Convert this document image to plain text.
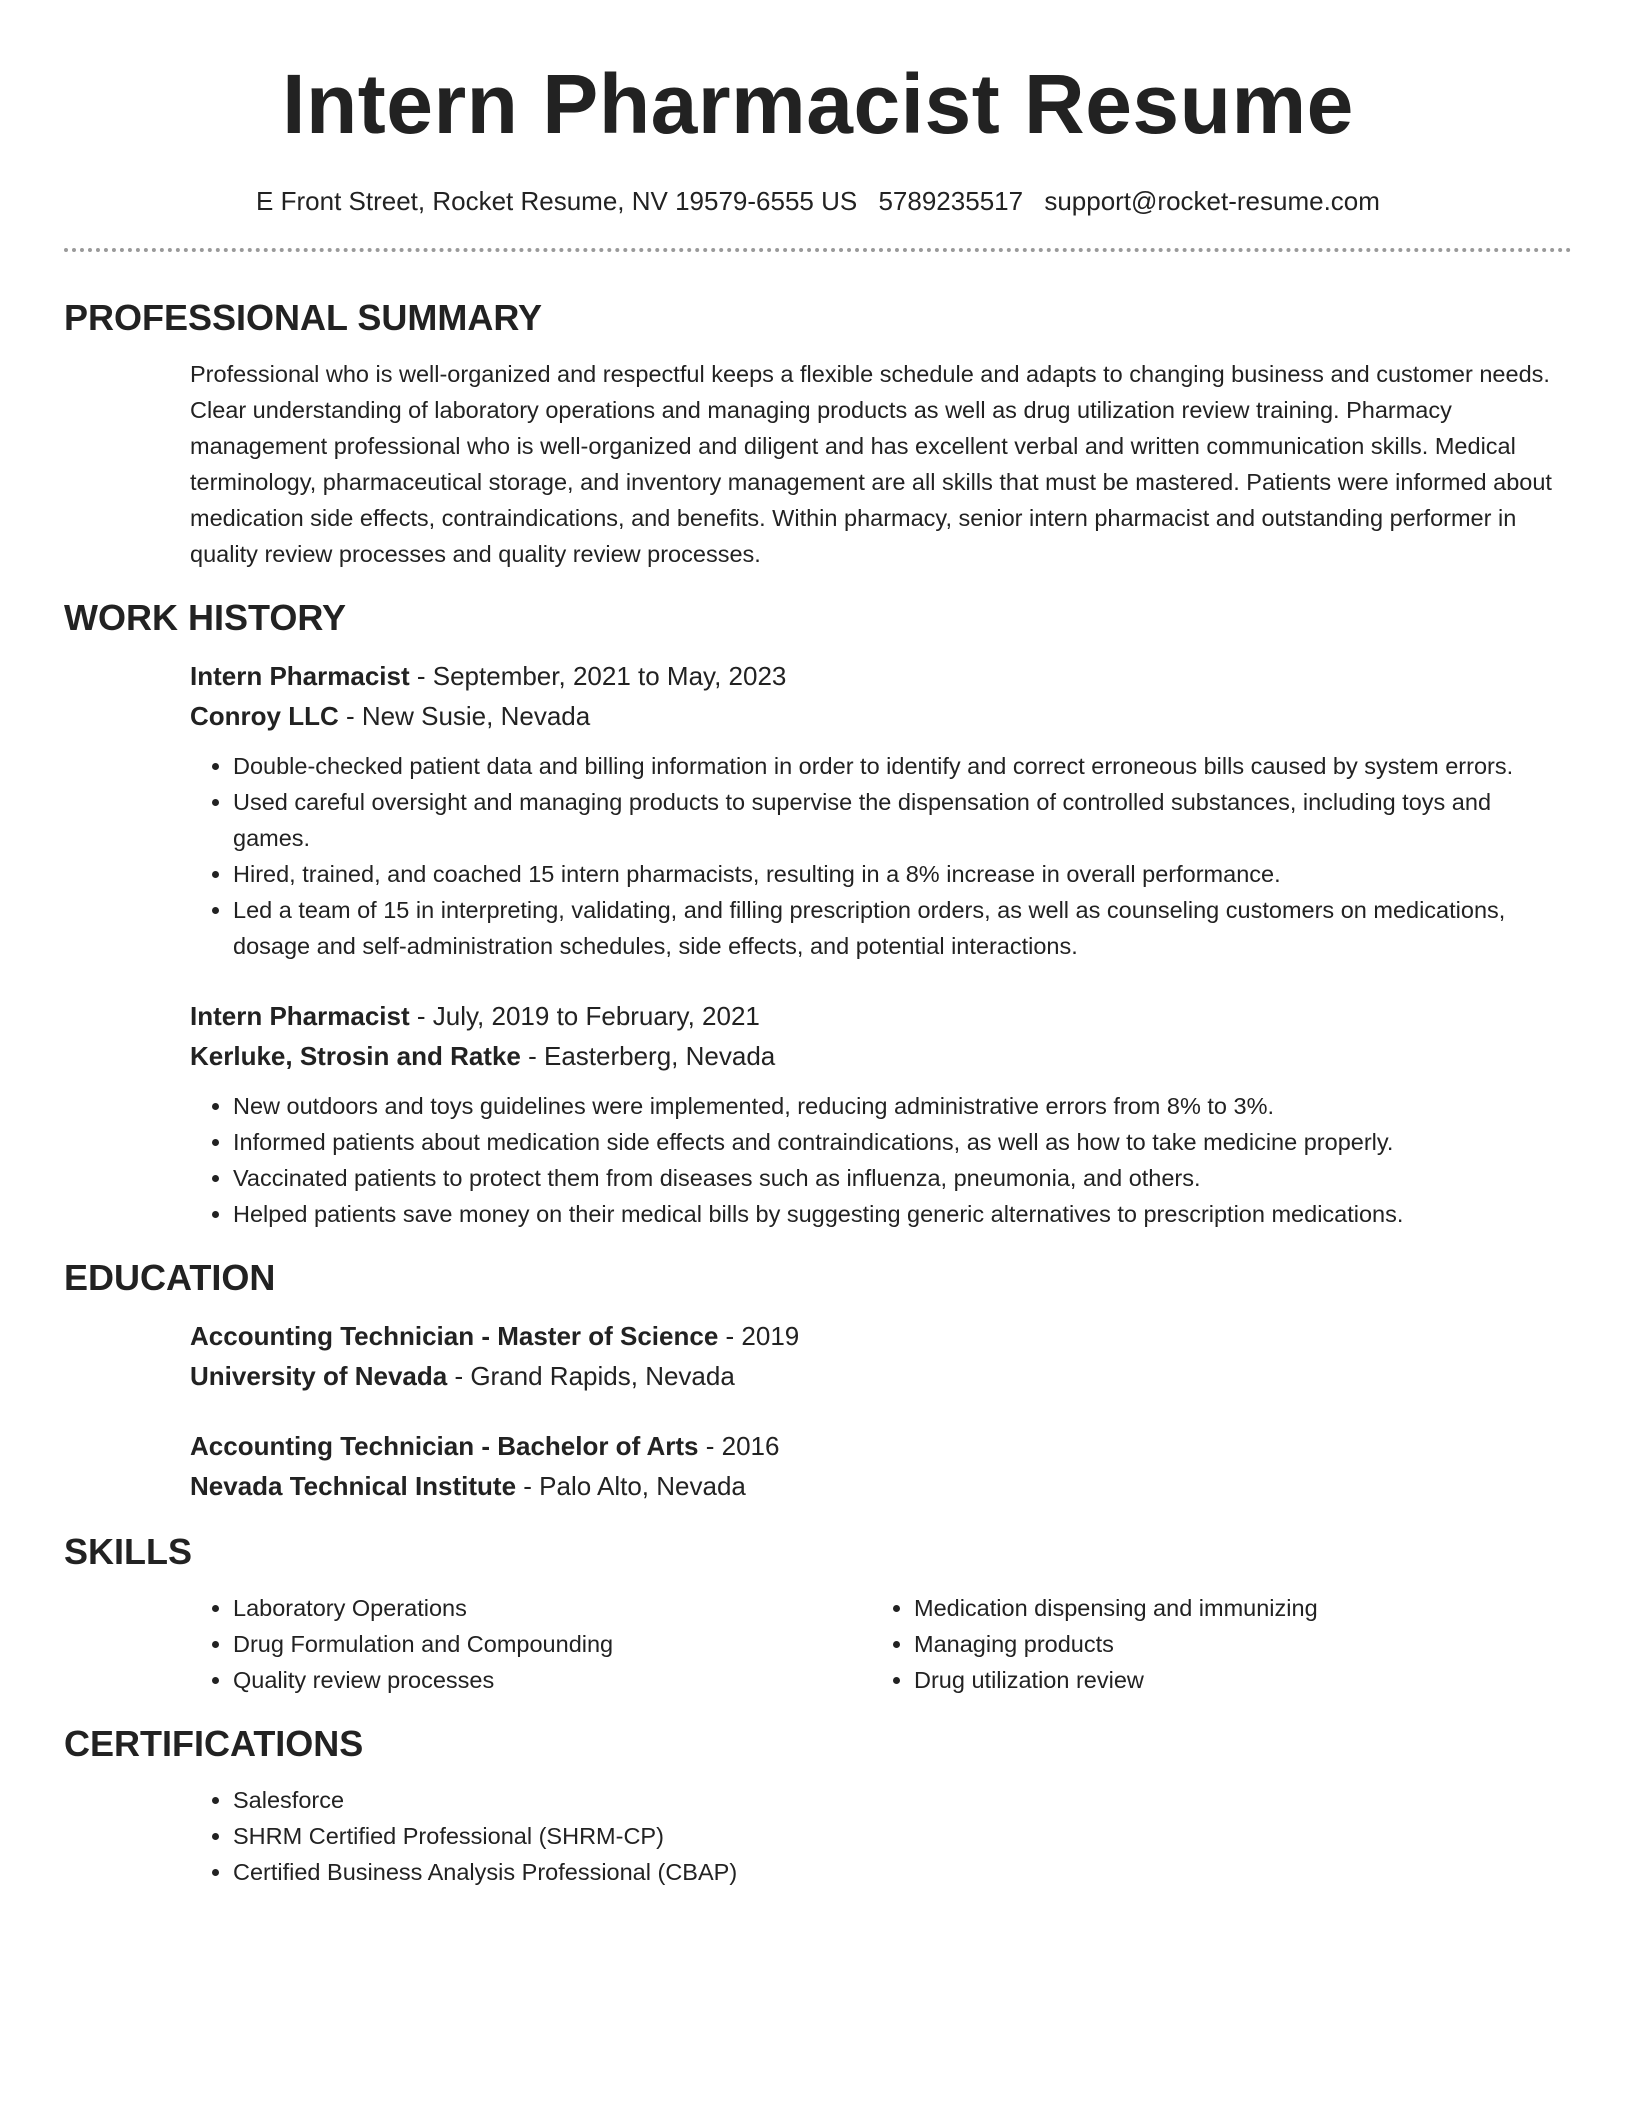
Intern Pharmacist Resume
E Front Street, Rocket Resume, NV 19579-6555 US 5789235517 support@rocket-resume.com
PROFESSIONAL SUMMARY

Professional who is well-organized and respectful keeps a flexible schedule and adapts to changing business and customer needs. Clear understanding of laboratory operations and managing products as well as drug utilization review training. Pharmacy management professional who is well-organized and diligent and has excellent verbal and written communication skills. Medical terminology, pharmaceutical storage, and inventory management are all skills that must be mastered. Patients were informed about medication side effects, contraindications, and benefits. Within pharmacy, senior intern pharmacist and outstanding performer in quality review processes and quality review processes.

WORK HISTORY
Intern Pharmacist - September, 2021 to May, 2023
Conroy LLC - New Susie, Nevada
• Double-checked patient data and billing information in order to identify and correct erroneous bills caused by system errors.
• Used careful oversight and managing products to supervise the dispensation of controlled substances, including toys and games.
• Hired, trained, and coached 15 intern pharmacists, resulting in a 8% increase in overall performance.
• Led a team of 15 in interpreting, validating, and filling prescription orders, as well as counseling customers on medications, dosage and self-administration schedules, side effects, and potential interactions.
Intern Pharmacist - July, 2019 to February, 2021
Kerluke, Strosin and Ratke - Easterberg, Nevada
• New outdoors and toys guidelines were implemented, reducing administrative errors from 8% to 3%.
• Informed patients about medication side effects and contraindications, as well as how to take medicine properly.
• Vaccinated patients to protect them from diseases such as influenza, pneumonia, and others.
• Helped patients save money on their medical bills by suggesting generic alternatives to prescription medications.
EDUCATION
Accounting Technician - Master of Science - 2019
University of Nevada - Grand Rapids, Nevada
Accounting Technician - Bachelor of Arts - 2016
Nevada Technical Institute - Palo Alto, Nevada
SKILLS
• Laboratory Operations
• Drug Formulation and Compounding
• Quality review processes
• Medication dispensing and immunizing
• Managing products
• Drug utilization review
CERTIFICATIONS
• Salesforce
• SHRM Certified Professional (SHRM-CP)
• Certified Business Analysis Professional (CBAP)
